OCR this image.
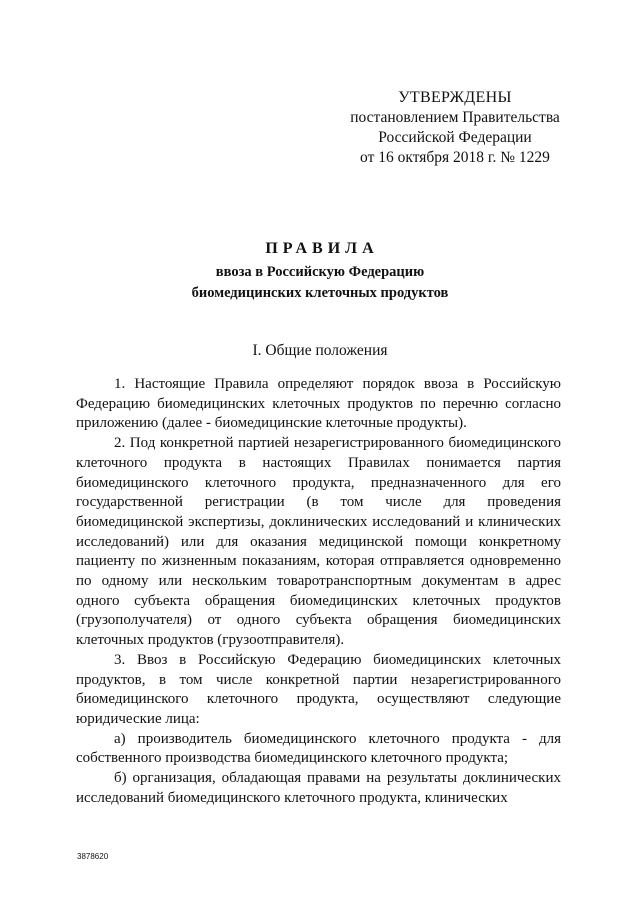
УТВЕРЖДЕНЫ
постановлением Правительства
Российской Федерации
от 16 октября 2018 г. № 1229
ПРАВИЛА
ввоза в Российскую Федерацию
биомедицинских клеточных продуктов
I. Общие положения

1. Настоящие Правила определяют порядок ввоза в Российскую Федерацию биомедицинских клеточных продуктов по перечню согласно приложению (далее - биомедицинские клеточные продукты).

2. Под конкретной партией незарегистрированного биомедицинского клеточного продукта в настоящих Правилах понимается партия биомедицинского клеточного продукта, предназначенного для его государственной регистрации (в том числе для проведения биомедицинской экспертизы, доклинических исследований и клинических исследований) или для оказания медицинской помощи конкретному пациенту по жизненным показаниям, которая отправляется одновременно по одному или нескольким товаротранспортным документам в адрес одного субъекта обращения биомедицинских клеточных продуктов (грузополучателя) от одного субъекта обращения биомедицинских клеточных продуктов (грузоотправителя).

3. Ввоз в Российскую Федерацию биомедицинских клеточных продуктов, в том числе конкретной партии незарегистрированного биомедицинского клеточного продукта, осуществляют следующие юридические лица:

а) производитель биомедицинского клеточного продукта - для собственного производства биомедицинского клеточного продукта;

б) организация, обладающая правами на результаты доклинических исследований биомедицинского клеточного продукта, клинических

3878620
